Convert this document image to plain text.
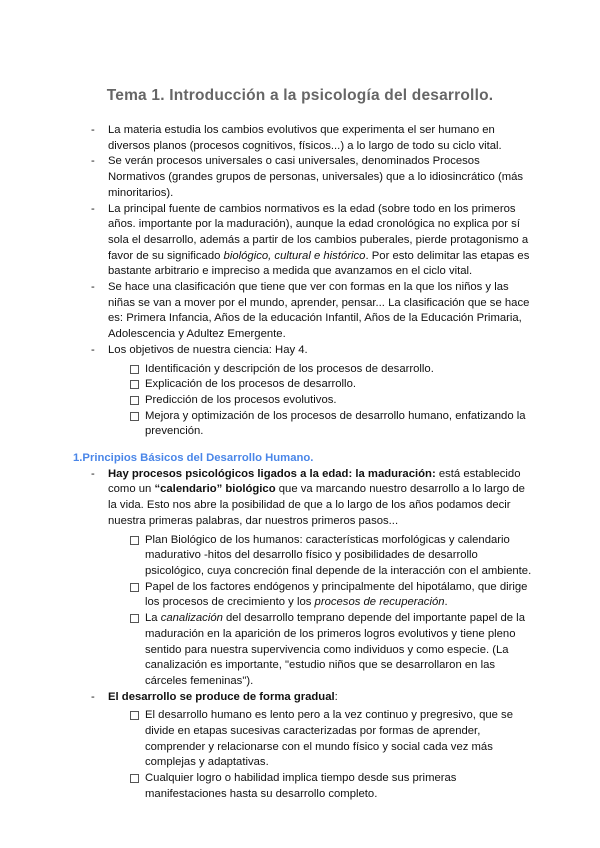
Tema 1. Introducción a la psicología del desarrollo.
- La materia estudia los cambios evolutivos que experimenta el ser humano en
diversos planos (procesos cognitivos, físicos...) a lo largo de todo su ciclo vital.
- Se verán procesos universales o casi universales, denominados Procesos
Normativos (grandes grupos de personas, universales) que a lo idiosincrático (más
minoritarios).
- La principal fuente de cambios normativos es la edad (sobre todo en los primeros
años. importante por la maduración), aunque la edad cronológica no explica por sí
sola el desarrollo, además a partir de los cambios puberales, pierde protagonismo a
favor de su significado biológico, cultural e histórico. Por esto delimitar las etapas es
bastante arbitrario e impreciso a medida que avanzamos en el ciclo vital.
- Se hace una clasificación que tiene que ver con formas en la que los niños y las
niñas se van a mover por el mundo, aprender, pensar... La clasificación que se hace
es: Primera Infancia, Años de la educación Infantil, Años de la Educación Primaria,
Adolescencia y Adultez Emergente.
- Los objetivos de nuestra ciencia: Hay 4.
Identificación y descripción de los procesos de desarrollo.
Explicación de los procesos de desarrollo.
Predicción de los procesos evolutivos.
Mejora y optimización de los procesos de desarrollo humano, enfatizando la
prevención.
1.Principios Básicos del Desarrollo Humano.
- Hay procesos psicológicos ligados a la edad: la maduración: está establecido
como un “calendario” biológico que va marcando nuestro desarrollo a lo largo de
la vida. Esto nos abre la posibilidad de que a lo largo de los años podamos decir
nuestra primeras palabras, dar nuestros primeros pasos...
Plan Biológico de los humanos: características morfológicas y calendario
madurativo -hitos del desarrollo físico y posibilidades de desarrollo
psicológico, cuya concreción final depende de la interacción con el ambiente.
Papel de los factores endógenos y principalmente del hipotálamo, que dirige
los procesos de crecimiento y los procesos de recuperación.
La canalización del desarrollo temprano depende del importante papel de la
maduración en la aparición de los primeros logros evolutivos y tiene pleno
sentido para nuestra supervivencia como individuos y como especie. (La
canalización es importante, "estudio niños que se desarrollaron en las
cárceles femeninas").
- El desarrollo se produce de forma gradual:
El desarrollo humano es lento pero a la vez continuo y pregresivo, que se
divide en etapas sucesivas caracterizadas por formas de aprender,
comprender y relacionarse con el mundo físico y social cada vez más
complejas y adaptativas.
Cualquier logro o habilidad implica tiempo desde sus primeras
manifestaciones hasta su desarrollo completo.
